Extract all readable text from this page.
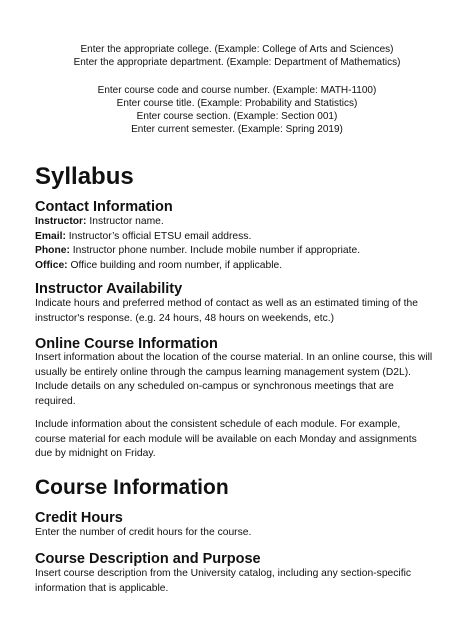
Enter the appropriate college. (Example: College of Arts and Sciences)
Enter the appropriate department. (Example: Department of Mathematics)
Enter course code and course number. (Example: MATH-1100)
Enter course title. (Example: Probability and Statistics)
Enter course section. (Example: Section 001)
Enter current semester. (Example: Spring 2019)
Syllabus
Contact Information
Instructor: Instructor name.
Email: Instructor’s official ETSU email address.
Phone: Instructor phone number. Include mobile number if appropriate.
Office: Office building and room number, if applicable.
Instructor Availability
Indicate hours and preferred method of contact as well as an estimated timing of the
instructor's response. (e.g. 24 hours, 48 hours on weekends, etc.)
Online Course Information
Insert information about the location of the course material. In an online course, this will
usually be entirely online through the campus learning management system (D2L).
Include details on any scheduled on-campus or synchronous meetings that are
required.
Include information about the consistent schedule of each module. For example,
course material for each module will be available on each Monday and assignments
due by midnight on Friday.
Course Information
Credit Hours
Enter the number of credit hours for the course.
Course Description and Purpose
Insert course description from the University catalog, including any section-specific
information that is applicable.
